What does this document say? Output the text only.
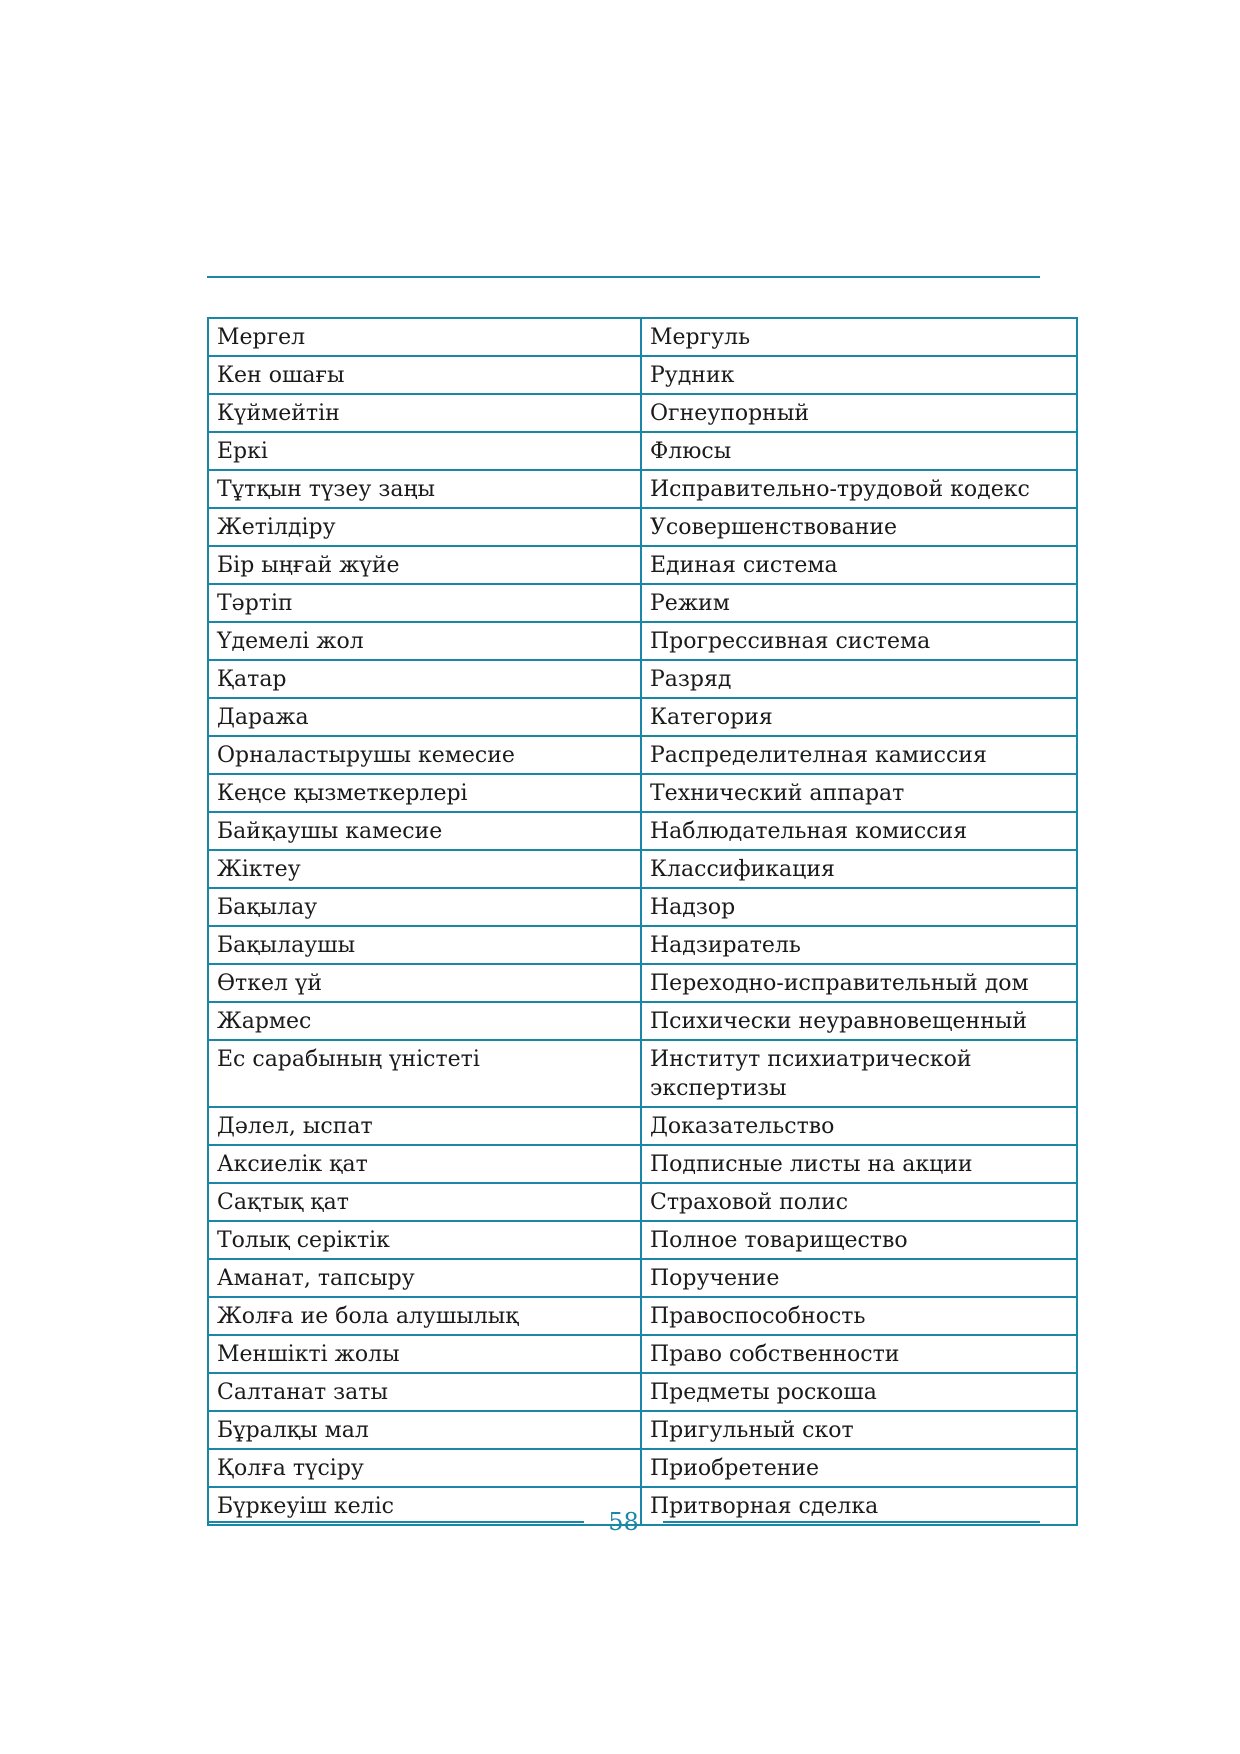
Мергел	Мергуль
Кен ошағы	Рудник
Күймейтін	Огнеупорный
Еркі	Флюсы
Тұтқын түзеу заңы	Исправительно-трудовой кодекс
Жетілдіру	Усовершенствование
Бір ыңғай жүйе	Единая система
Тәртіп	Режим
Үдемелі жол	Прогрессивная система
Қатар	Разряд
Даража	Категория
Орналастырушы кемесие	Распределителная камиссия
Кеңсе қызметкерлері	Технический аппарат
Байқаушы камесие	Наблюдательная комиссия
Жіктеу	Классификация
Бақылау	Надзор
Бақылаушы	Надзиратель
Өткел үй	Переходно-исправительный дом
Жармес	Психически неуравновещенный
Ес сарабының үністеті	Институт психиатрической экспертизы
Дәлел, ыспат	Доказательство
Аксиелік қат	Подписные листы на акции
Сақтық қат	Страховой полис
Толық серіктік	Полное товарищество
Аманат, тапсыру	Поручение
Жолға ие бола алушылық	Правоспособность
Меншікті жолы	Право собственности
Салтанат заты	Предметы роскоша
Бұралқы мал	Пригульный скот
Қолға түсіру	Приобретение
Бүркеуіш келіс	Притворная сделка
58
